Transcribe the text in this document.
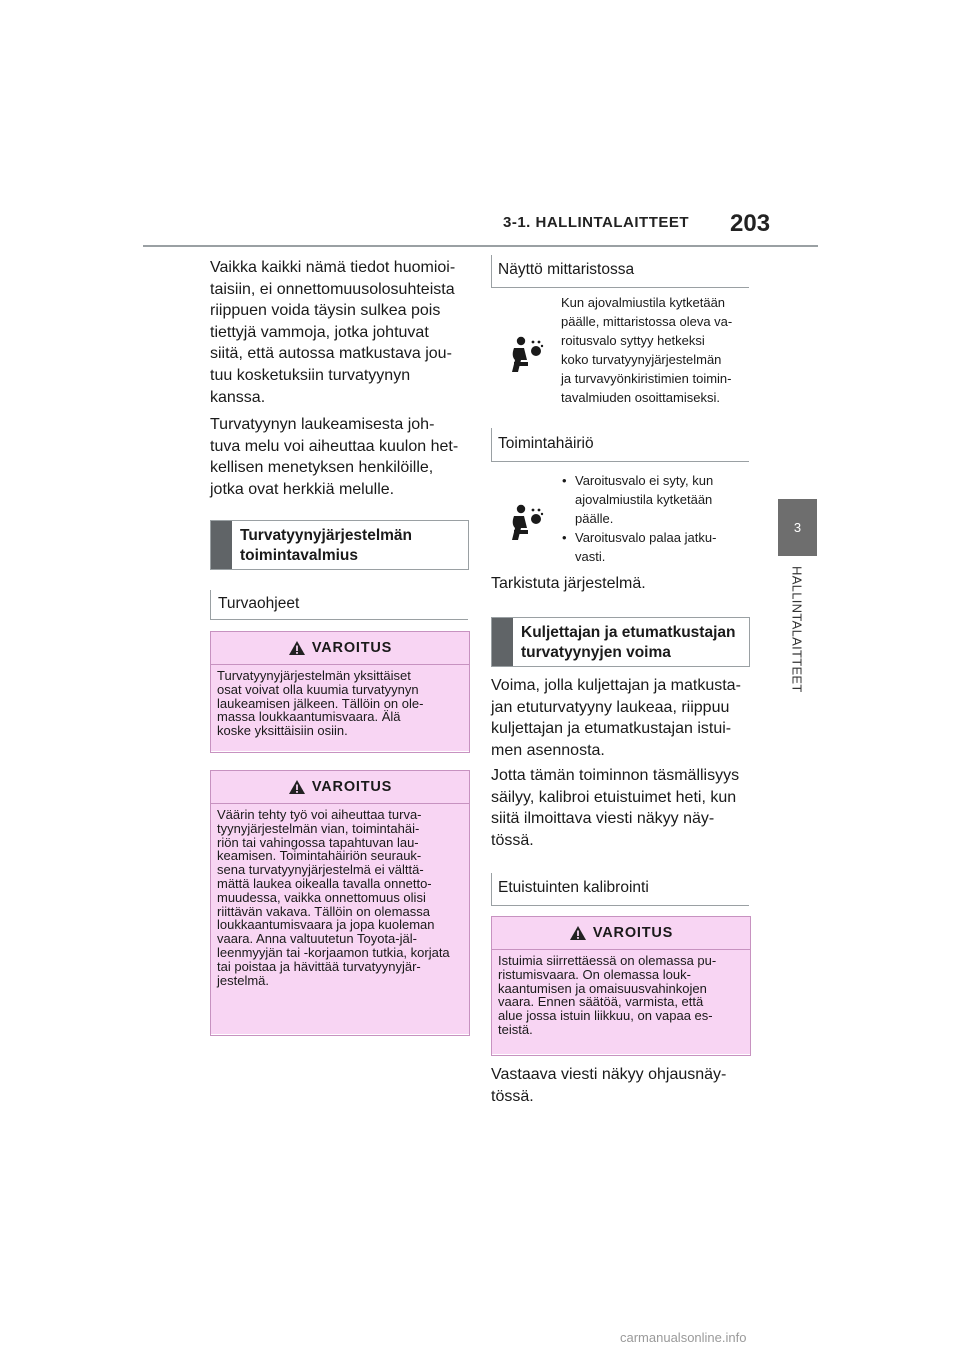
3-1. HALLINTALAITTEET 203
3
HALLINTALAITTEET
Vaikka kaikki nämä tiedot huomioi-
taisiin, ei onnettomuusolosuhteista
riippuen voida täysin sulkea pois
tiettyjä vammoja, jotka johtuvat
siitä, että autossa matkustava jou-
tuu kosketuksiin turvatyynyn
kanssa.
Turvatyynyn laukeamisesta joh-
tuva melu voi aiheuttaa kuulon het-
kellisen menetyksen henkilöille,
jotka ovat herkkiä melulle.
Turvatyynyjärjestelmän
toimintavalmius
Turvaohjeet
VAROITUS
Turvatyynyjärjestelmän yksittäiset
osat voivat olla kuumia turvatyynyn
laukeamisen jälkeen. Tällöin on ole-
massa loukkaantumisvaara. Älä
koske yksittäisiin osiin.
VAROITUS
Väärin tehty työ voi aiheuttaa turva-
tyynyjärjestelmän vian, toimintahäi-
riön tai vahingossa tapahtuvan lau-
keamisen. Toimintahäiriön seurauk-
sena turvatyynyjärjestelmä ei välttä-
mättä laukea oikealla tavalla onnetto-
muudessa, vaikka onnettomuus olisi
riittävän vakava. Tällöin on olemassa
loukkaantumisvaara ja jopa kuoleman
vaara. Anna valtuutetun Toyota-jäl-
leenmyyjän tai -korjaamon tutkia, korjata
tai poistaa ja hävittää turvatyynyjär-
jestelmä.
Näyttö mittaristossa
Kun ajovalmiustila kytketään
päälle, mittaristossa oleva va-
roitusvalo syttyy hetkeksi
koko turvatyynyjärjestelmän
ja turvavyönkiristimien toimin-
tavalmiuden osoittamiseksi.
Toimintahäiriö
• Varoitusvalo ei syty, kun
ajovalmiustila kytketään
päälle.
• Varoitusvalo palaa jatku-
vasti.
Tarkistuta järjestelmä.
Kuljettajan ja etumatkustajan
turvatyynyjen voima
Voima, jolla kuljettajan ja matkusta-
jan etuturvatyyny laukeaa, riippuu
kuljettajan ja etumatkustajan istui-
men asennosta.
Jotta tämän toiminnon täsmällisyys
säilyy, kalibroi etuistuimet heti, kun
siitä ilmoittava viesti näkyy näy-
tössä.
Etuistuinten kalibrointi
VAROITUS
Istuimia siirrettäessä on olemassa pu-
ristumisvaara. On olemassa louk-
kaantumisen ja omaisuusvahinkojen
vaara. Ennen säätöä, varmista, että
alue jossa istuin liikkuu, on vapaa es-
teistä.
Vastaava viesti näkyy ohjausnäy-
tössä.
carmanualsonline.info
